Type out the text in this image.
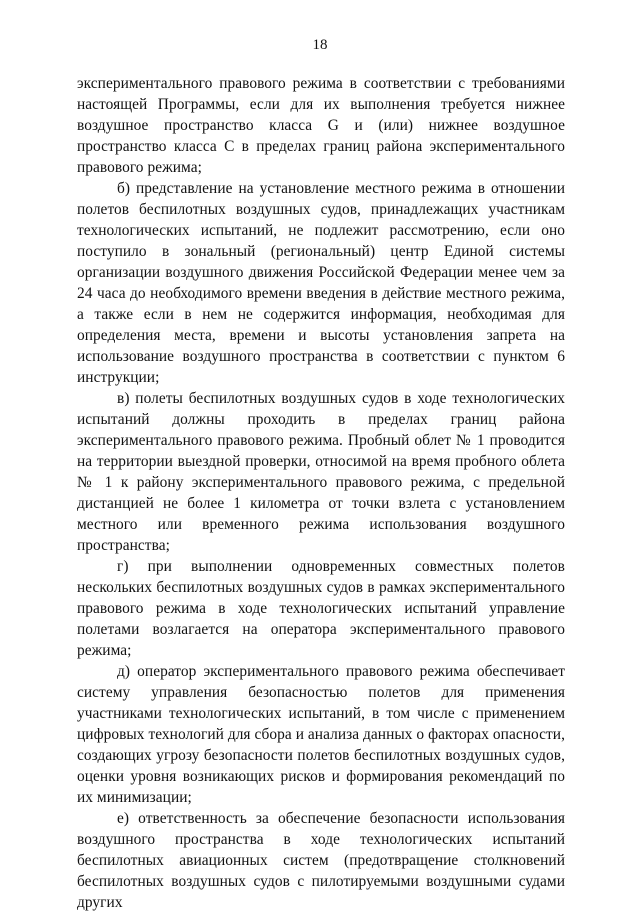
18

экспериментального правового режима в соответствии с требованиями настоящей Программы, если для их выполнения требуется нижнее воздушное пространство класса G и (или) нижнее воздушное пространство класса С в пределах границ района экспериментального правового режима;

б) представление на установление местного режима в отношении полетов беспилотных воздушных судов, принадлежащих участникам технологических испытаний, не подлежит рассмотрению, если оно поступило в зональный (региональный) центр Единой системы организации воздушного движения Российской Федерации менее чем за 24 часа до необходимого времени введения в действие местного режима, а также если в нем не содержится информация, необходимая для определения места, времени и высоты установления запрета на использование воздушного пространства в соответствии с пунктом 6 инструкции;

в) полеты беспилотных воздушных судов в ходе технологических испытаний должны проходить в пределах границ района экспериментального правового режима. Пробный облет № 1 проводится на территории выездной проверки, относимой на время пробного облета № 1 к району экспериментального правового режима, с предельной дистанцией не более 1 километра от точки взлета с установлением местного или временного режима использования воздушного пространства;

г) при выполнении одновременных совместных полетов нескольких беспилотных воздушных судов в рамках экспериментального правового режима в ходе технологических испытаний управление полетами возлагается на оператора экспериментального правового режима;

д) оператор экспериментального правового режима обеспечивает систему управления безопасностью полетов для применения участниками технологических испытаний, в том числе с применением цифровых технологий для сбора и анализа данных о факторах опасности, создающих угрозу безопасности полетов беспилотных воздушных судов, оценки уровня возникающих рисков и формирования рекомендаций по их минимизации;

е) ответственность за обеспечение безопасности использования воздушного пространства в ходе технологических испытаний беспилотных авиационных систем (предотвращение столкновений беспилотных воздушных судов с пилотируемыми воздушными судами других
